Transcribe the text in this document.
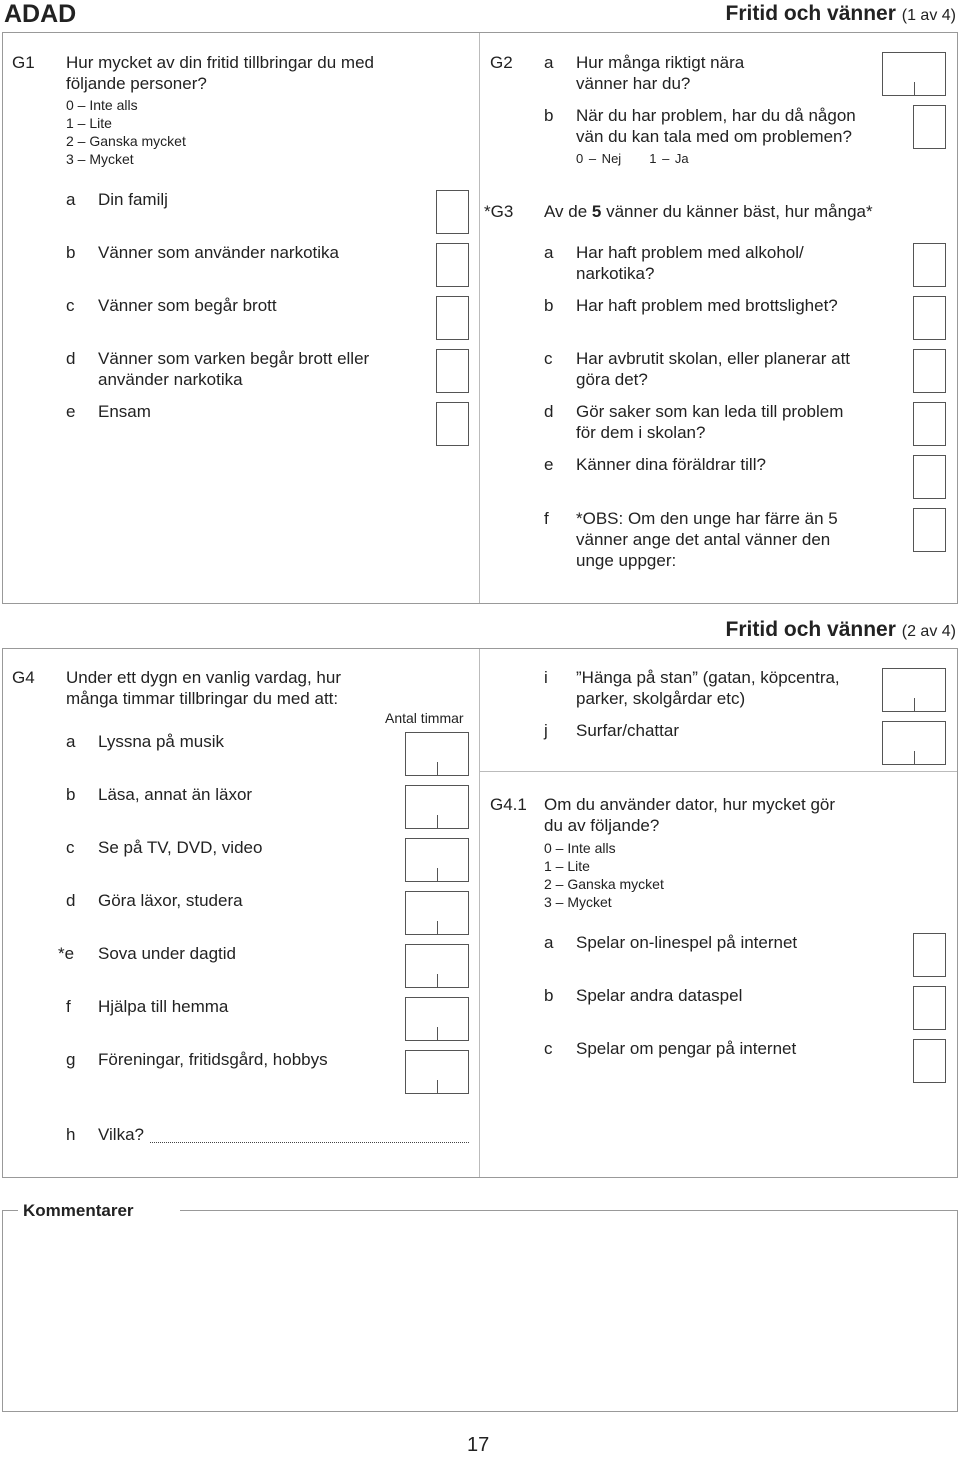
ADAD	Fritid och vänner (1 av 4)
G1 Hur mycket av din fritid tillbringar du med
följande personer?
0 – Inte alls
1 – Lite
2 – Ganska mycket
3 – Mycket
a Din familj
b Vänner som använder narkotika
c Vänner som begår brott
d Vänner som varken begår brott eller
använder narkotika
e Ensam
G2 a Hur många riktigt nära
vänner har du?
b När du har problem, har du då någon
vän du kan tala med om problemen?
0 – Nej     1 – Ja
*G3 Av de 5 vänner du känner bäst, hur många*
a Har haft problem med alkohol/
narkotika?
b Har haft problem med brottslighet?
c Har avbrutit skolan, eller planerar att
göra det?
d Gör saker som kan leda till problem
för dem i skolan?
e Känner dina föräldrar till?
f *OBS: Om den unge har färre än 5
vänner ange det antal vänner den
unge uppger:
Fritid och vänner (2 av 4)
G4 Under ett dygn en vanlig vardag, hur
många timmar tillbringar du med att:
Antal timmar
a Lyssna på musik
b Läsa, annat än läxor
c Se på TV, DVD, video
d Göra läxor, studera
*e Sova under dagtid
f Hjälpa till hemma
g Föreningar, fritidsgård, hobbys
h Vilka?
i ”Hänga på stan” (gatan, köpcentra,
parker, skolgårdar etc)
j Surfar/chattar
G4.1 Om du använder dator, hur mycket gör
du av följande?
0 – Inte alls
1 – Lite
2 – Ganska mycket
3 – Mycket
a Spelar on-linespel på internet
b Spelar andra dataspel
c Spelar om pengar på internet
Kommentarer
17
